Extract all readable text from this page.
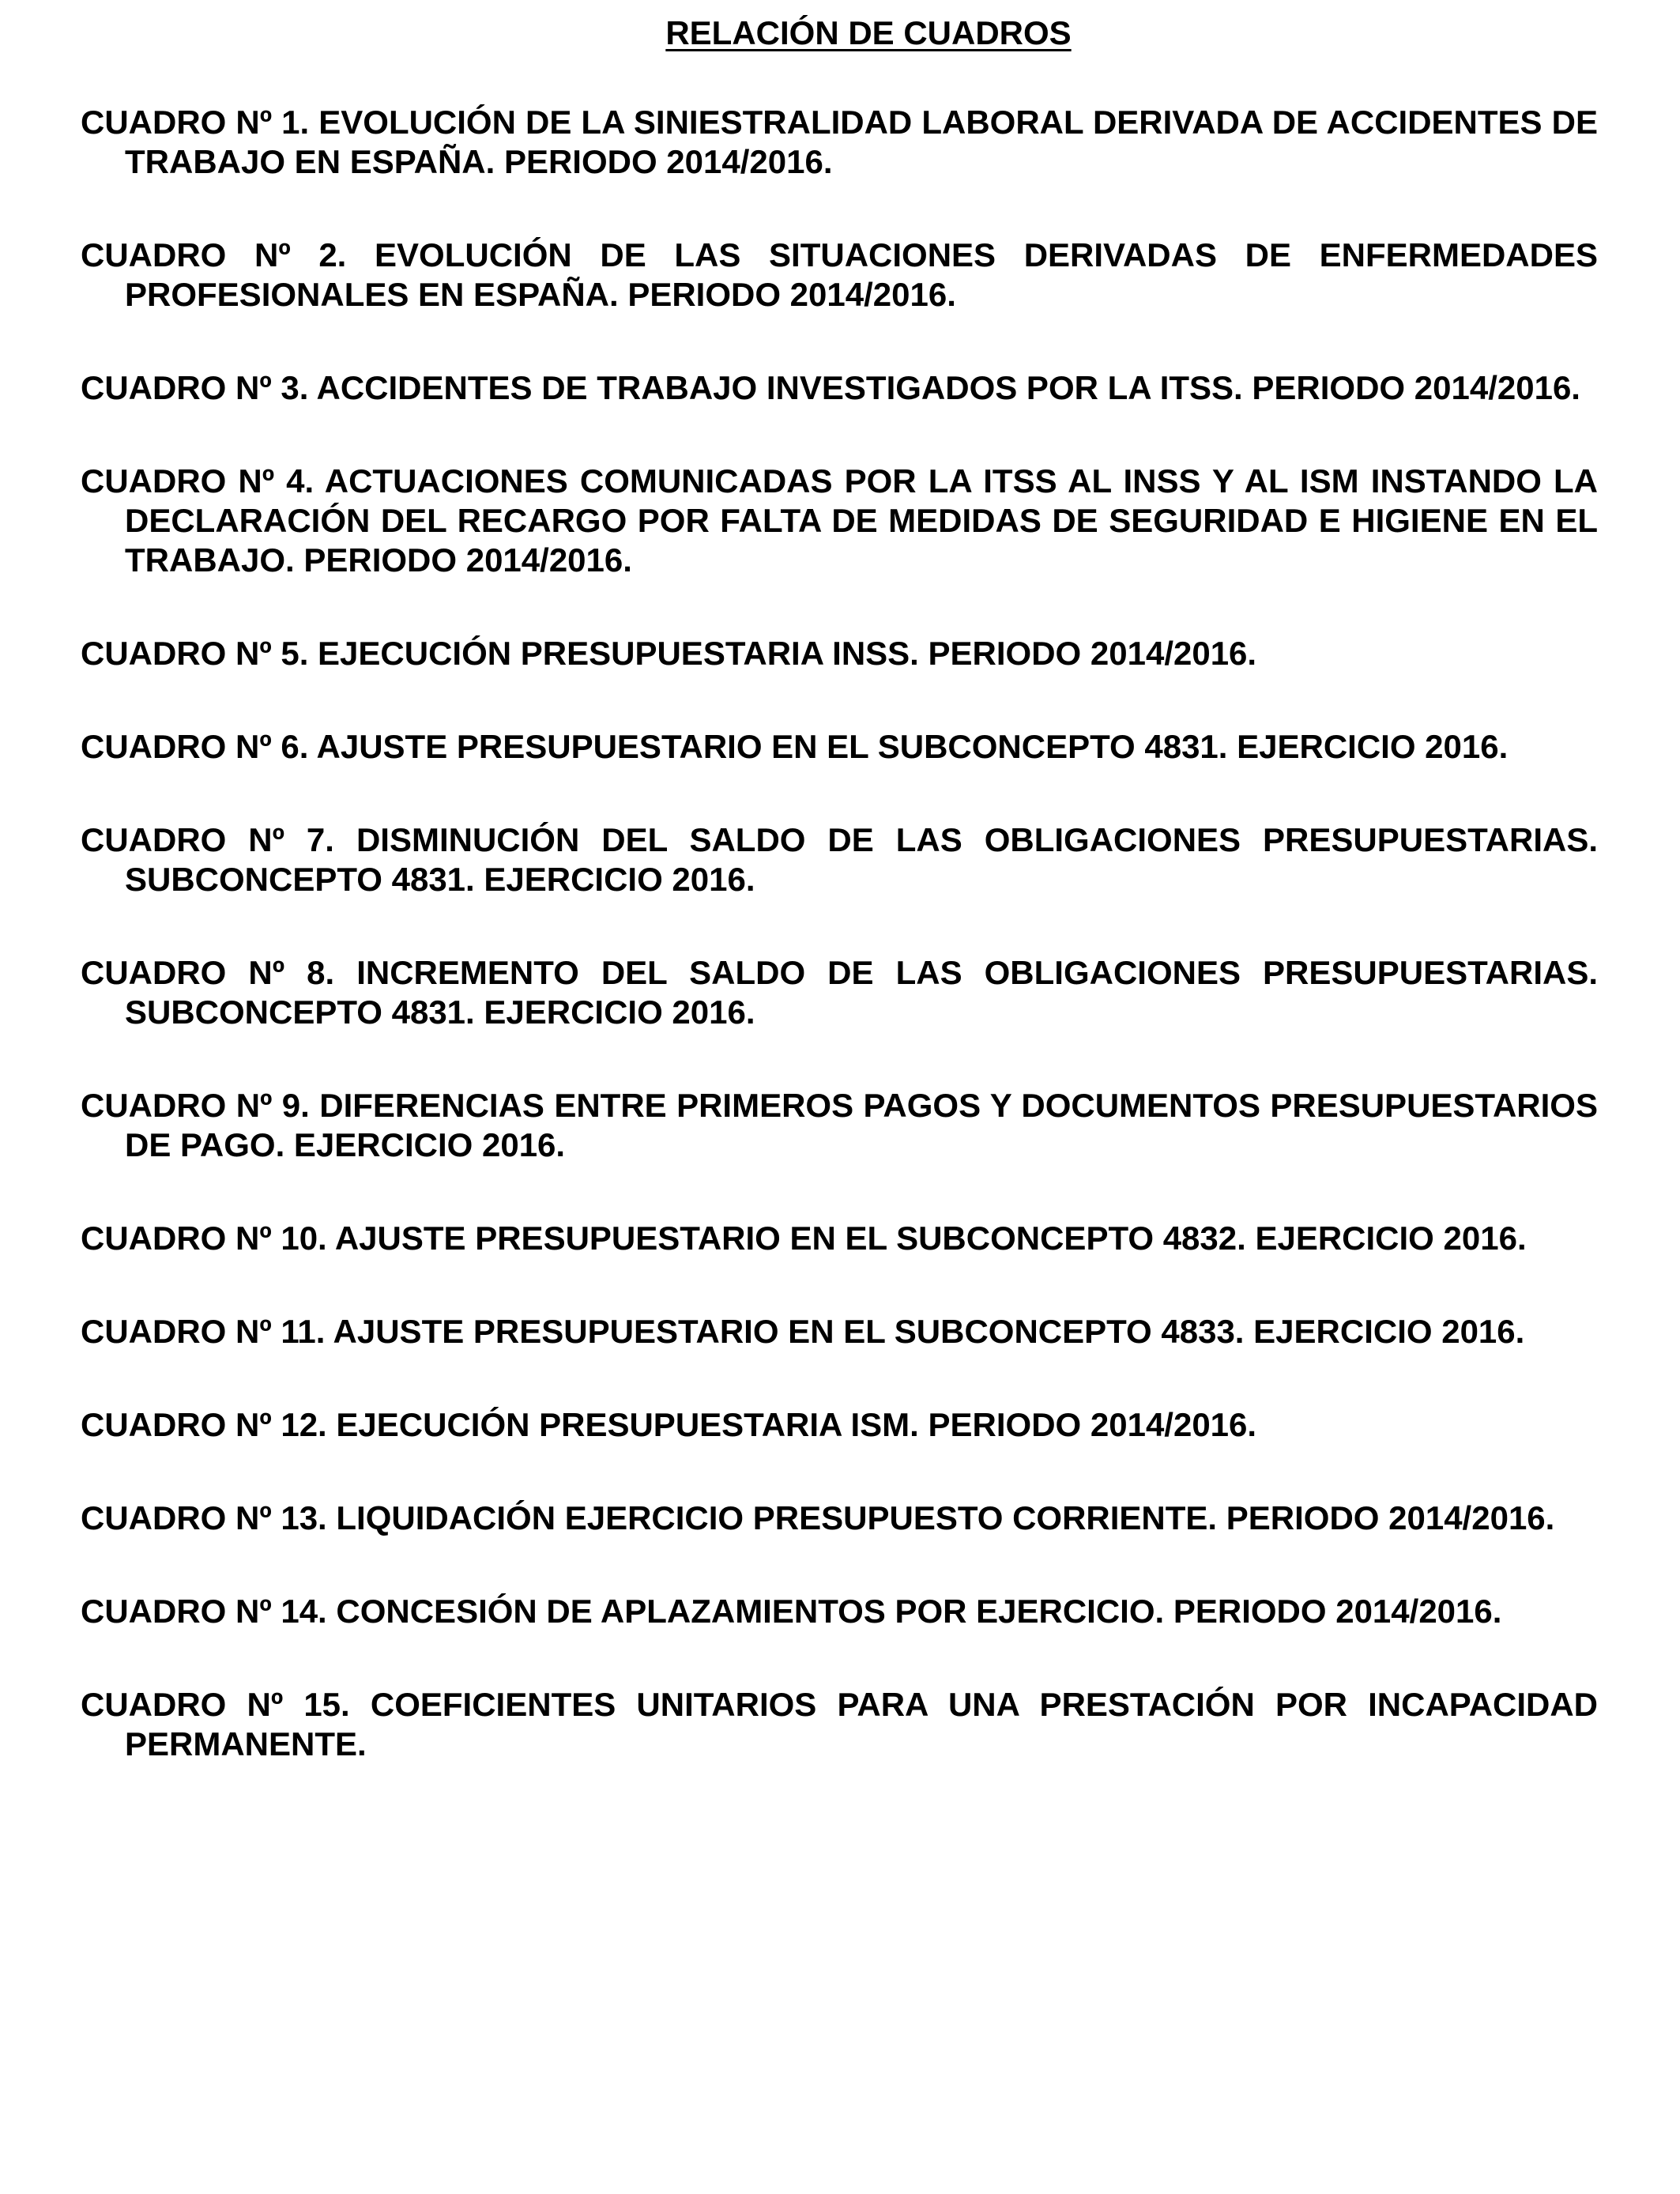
RELACIÓN DE CUADROS
CUADRO Nº 1. EVOLUCIÓN DE LA SINIESTRALIDAD LABORAL DERIVADA DE ACCIDENTES DE TRABAJO EN ESPAÑA. PERIODO 2014/2016.
CUADRO Nº 2. EVOLUCIÓN DE LAS SITUACIONES DERIVADAS DE ENFERMEDADES PROFESIONALES EN ESPAÑA. PERIODO 2014/2016.
CUADRO Nº 3. ACCIDENTES DE TRABAJO INVESTIGADOS POR LA ITSS. PERIODO 2014/2016.
CUADRO Nº 4. ACTUACIONES COMUNICADAS POR LA ITSS AL INSS Y AL ISM INSTANDO LA DECLARACIÓN DEL RECARGO POR FALTA DE MEDIDAS DE SEGURIDAD E HIGIENE EN EL TRABAJO. PERIODO 2014/2016.
CUADRO Nº 5. EJECUCIÓN PRESUPUESTARIA INSS. PERIODO 2014/2016.
CUADRO Nº 6. AJUSTE PRESUPUESTARIO EN EL SUBCONCEPTO 4831. EJERCICIO 2016.
CUADRO Nº 7. DISMINUCIÓN DEL SALDO DE LAS OBLIGACIONES PRESUPUESTARIAS. SUBCONCEPTO 4831. EJERCICIO 2016.
CUADRO Nº 8. INCREMENTO DEL SALDO DE LAS OBLIGACIONES PRESUPUESTARIAS. SUBCONCEPTO 4831. EJERCICIO 2016.
CUADRO Nº 9. DIFERENCIAS ENTRE PRIMEROS PAGOS Y DOCUMENTOS PRESUPUESTARIOS DE PAGO. EJERCICIO 2016.
CUADRO Nº 10. AJUSTE PRESUPUESTARIO EN EL SUBCONCEPTO 4832. EJERCICIO 2016.
CUADRO Nº 11. AJUSTE PRESUPUESTARIO EN EL SUBCONCEPTO 4833. EJERCICIO 2016.
CUADRO Nº 12. EJECUCIÓN PRESUPUESTARIA ISM. PERIODO 2014/2016.
CUADRO Nº 13. LIQUIDACIÓN EJERCICIO PRESUPUESTO CORRIENTE. PERIODO 2014/2016.
CUADRO Nº 14. CONCESIÓN DE APLAZAMIENTOS POR EJERCICIO. PERIODO 2014/2016.
CUADRO Nº 15. COEFICIENTES UNITARIOS PARA UNA PRESTACIÓN POR INCAPACIDAD PERMANENTE.
